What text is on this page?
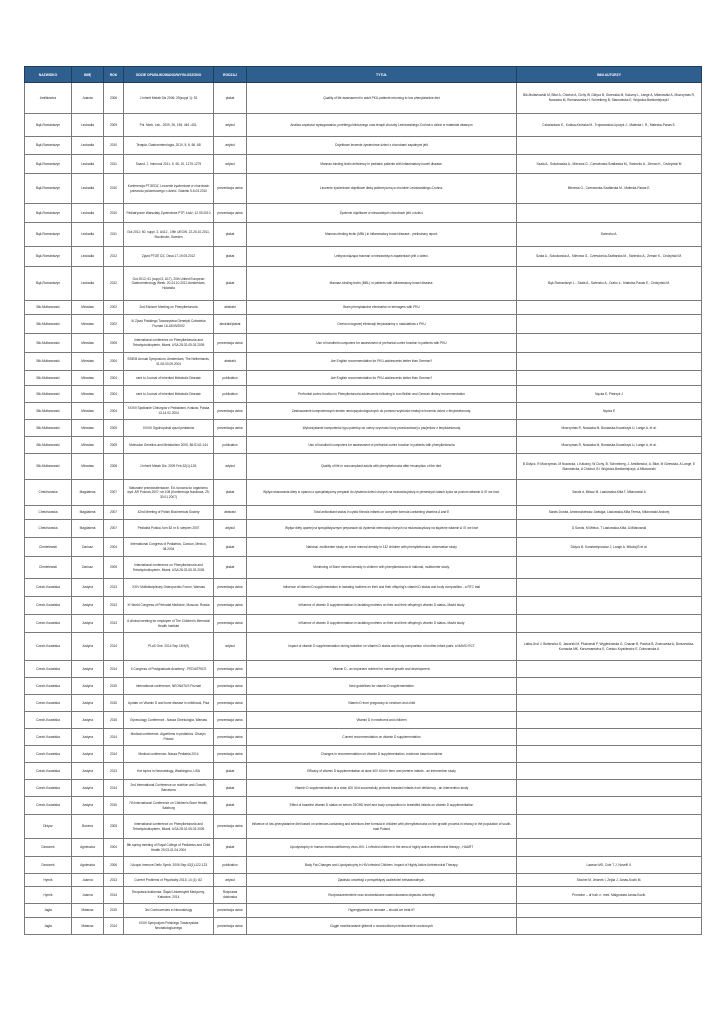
NAZWISKO	IMIĘ	ROK	GDZIE OPUBLIKOWANO/WYGŁOSZONO	RODZAJ	TYTUŁ	INNI AUTORZY
Amilkiewicz	Jolanta	2006	J Inherit Metab Dis 2006; 29(suppl 1): 92	plakat	Quality of life assessment in adult PKU-patients returning to low phenylalanine diet	Bik-Multanowski M, Bilar A, Chiobot A, Cichy W, Didycz B, Gizewska M, Kaluzny L, Lange A, Milanowski A, Mozrzymas R, Nowacka M, Romanowska H, Schreiberg B, Starostecka E, Wojcicka-Bartlomiejczyk I
Bąk-Romaniszyn	Leokadia	2009	Pol. Merk. Lek., 2009, 26, 155, 446 -451.	artykuł	Analiza częstości występowania, przebiegu klinicznego oraz terapii choroby Leśniowskiego-Crohna u dzieci w materiale własnym	Czkwianianc E., Kolasa-Kicińska M., Trojanowska-Lipczyk J., Małecka I. R., Małecka-Panas E.
Bąk-Romaniszyn	Leokadia	2010	Terapia, Gastroenterologia, 2010, 5, 6, 66 -68	artykuł	Dojelitowe leczenie żywieniowe dzieci z chorobami zapalnymi jelit	
Bąk-Romaniszyn	Leokadia	2011	Scand. J. Immunol 2011, 5, 46, 10, 1275-1279	artykuł	Mannan-binding lectin deficiency in pediatric patients with inflammatory bowel disease.	Szala A., Sokołowska A., Mierzwa G., Czerwionka-Szaflarska M., Swierzko A., Zeman K., Cedzyński M
Bąk-Romaniszyn	Leokadia	2010	Konferencja PTGEDŻ, Leczenie żywieniowe w chorobach przewodu pokarmowego u dzieci. Gdańsk 5-6.03.2010	prezentacja ustna	Leczenie żywieniowe dojelitowe dietą polimeryczną w chorobie Leśniowskiego-Crohna.	Mierzwa G., Czerwionka-Szaflarska M., Małecka-Panas E.
Bąk-Romaniszyn	Leokadia	2010	Pediatryczne Warsztaty Żywieniowe PTP, Łódź, 12.09.2010	prezentacja ustna	Żywienie dojelitowe w nieswoistych chorobach jelit u dzieci.	
Bąk-Romaniszyn	Leokadia	2011	Gut 2011; 60, suppl. 3, A412 , 19th UEGW, 22-26.10.2011, Stockholm, Sweden	plakat	Mannan-binding lectin (MBL) in inflammatory bowel disease - preliminary report.	Swierzko A.
Bąk-Romaniszyn	Leokadia	2012	Zjazd PTGE DZ, Ossa 17-19.05.2012	plakat	Lektyna wiążąca mannan w nieswoistych zapaleniach jelit u dzieci.	Szala A., Sokołowska A., Mierzwa G., Czerwionka-Szaflarska M., Swierzko A., Zeman K., Cedzyński M.
Bąk-Romaniszyn	Leokadia	2012	Gut 2012; 61 (suppl.3, A17), 20th United European Gastroenterology Week, 20-24.10.2012 Amsterdam, Holandia	plakat	Mannan-binding lectin (MBL) in patients with inflammatory bowel disease.	Bąk-Romaniszyn L., Szala A., Swierzko A., Durko Ł., Małecka-Panas E., Cedzyński M.
Bik-Multanowski	Mirosław	2002	2nd Elsinore Meeting on Phenylketonuria	abstrakt	Brain phenylalanine elimination in teenagers with PKU	
Bik-Multanowski	Mirosław	2002	III Zjazd Polskiego Towarzystwa Genetyki Człowieka Poznań 16-18/09/2002	abstrakt/plakat	Ocena mózgowej eliminacji fenyloalaniny u nastolatków z PKU	
Bik-Multanowski	Mirosław	2005	International conference on Phenylketonuria and Tetrahydrobiopterin, Miami, USA 28.02-05.03.2005	prezentacja ustna	Use of handheld computers for assessment of prefrontal cortex function in patients with PKU	
Bik-Multanowski	Mirosław	2004	SSIEM Annual Symposium, Amsterdam, The Netherlands, 31.08-03.09.2004	abstrakt	Are English recommendation for PKU-adolescents better than German?	
Bik-Multanowski	Mirosław	2004	sent to Journal of Inherited Metabolic Disease	publication	Are English recommendation for PKU-adolescents better than German?	
Bik-Multanowski	Mirosław	2004	sent to Journal of Inherited Metabolic Disease	publication	Prefrontal cortex function in Phenylketonuria adolescents following in turn British and German dietary recommendation	Nęcka E, Pietrzyk J
Bik-Multanowski	Mirosław	2004	XXVIII Spotkanie Chirurgów z Pediatrami, Kraków, Polska 13-14.02.2004	prezentacja ustna	Zastosowanie komputerowych testów neuropsychologicznych do pomiaru szybkości reakcji w leczeniu dzieci z fenyloketonurią.	Nęcka E
Bik-Multanowski	Mirosław	2005	XXVIII Ogólnopolski zjazd pediatrów	prezentacja ustna	Wykorzystanie komputerów typu palmtop do oceny czynności kory przedczołowej u pacjentów z fenyloketonurią	Mozrzymas R, Nowacka M, Borawska-Kowalczyk U, Lange A, et al.
Bik-Multanowski	Mirosław	2005	Molecular Genetics and Metabolism 2005, 86:S142-144	publication	Use of handheld computers for assessment of prefrontal cortex function in patients with phenylketonuria	Mozrzymas R, Nowacka M, Borawska-Kowalczyk U, Lange A, et al.
Bik-Multanowski	Mirosław	2008	J Inherit Metab Dis. 2009 Feb;32(1):126.	artykuł	Quality of life in noncompliant adults with phenylketonuria after resumption of the diet.	B Didycz, R Mozrzymas, M Nowacka, L Kałużny, W Cichy, B. Schneiberg, J. Amilkiewicz, A. Bilar, M Gizewska, A Lange, E Starostecka, A Chiobot, B I Wójcicka-Bartłomiejczyk, A Milanowski
Chełchowska	Magdalena	2007	Naturalne przeciwutleniacze. Ed. turowca do organizmu wyd. AR Poznań,2007; str 108 (Konferencja Naukowa, 29-30.01.2007)	plakat	Wpływ stosowania diety w oparciu o specjalistyczny preparat do żywienia dzieci chorych na mukowiscydozę w pierwszych latach życia na poziom witamin A i E we krwi.	Sands d, Milacz M, Laskowska-Klita T, Milanowski A
Chełchowska	Magdalena	2007	42nd Meeting of Polish Biochemical Society	abstrakt	Total antioxidant status in cystic fibrosis infants on complete formula containing vitamins A and E	Sands Dorota, Ambroszkiewicz Jadwiga, Laskowska-Klita Teresa, Milanowski Andrzej
Chełchowska	Magdalena	2007	Pediatria Polska, tom 82 nr 8, sierpień 2007	artykuł	Wpływ diety opartej na specjalistycznym preparacie do żywienia niemowląt chorych na mukowiscydozę na stężenie witamin A i E we krwi	D Sands, M Mielus, T Laskowska-Klita, A Milanowski
Chmielewski	Dariusz	2004	International Congress of Pediatrics, Cancun, Mexico, 08.2004	plakat	National, multicenter study on bone mineral density in 132 children with phenylketonuria: observation study	Didycz B, Konstantynowicz J, Lange A, Mikolaj B et al.
Chmielewski	Dariusz	2005	International conference on Phenylketonuria and Tetrahydrobiopterin, Miami, USA 28.02-05.03.2005	plakat	Monitoring of Bone mineral density in children with phenylketonuria in national, multicenter study.	
Czech-Kowalska	Justyna	2013	XXIV Multidisciplinary Osteoporotic Forum, Warsaw	prezentacja ustna	Influence of vitamin D supplementation in lactating mothers on their and their offspring's vitamin D status and body composition - a RTC trial	
Czech-Kowalska	Justyna	2013	XI World Congress of Perinatal Medicine, Moscow, Russia	prezentacja ustna	Influence of vitamin D supplementation in lactating mothers on their and their offspring's vitamin D status- Mavid study	
Czech-Kowalska	Justyna	2013	A clinical meeting for employee of The Children's Memorial Health Institute	prezentacja ustna	Influence of vitamin D supplementation in lactating mothers on their and their offspring's vitamin D status- Mavid study	
Czech-Kowalska	Justyna	2014	PLoS One. 2014 Sep 18;9(9)	artykuł	Impact of vitamin D supplementation during lactation on vitamin D status and body composition of mother-infant pairs: a MAVID RCT	Latka-Grot J, Bulsiewicz D, Jaworski M, Pludowski P, Wygledowska G, Chazan B, Pawlus B, Zochowska A, Borszewska-Kornacka MK, Karczmarewicz E, Czekuc-Kryskiewicz E, Dobrzanska A
Czech-Kowalska	Justyna	2014	II Congress of Postgraduate Academy - PEDIATRICS	prezentacja ustna	Vitamin D - an important nutrient for normal growth and development.	
Czech-Kowalska	Justyna	2015	International conference- NEONATUS Poznań	prezentacja ustna	New guidelines for vitamin D supplementation	
Czech-Kowalska	Justyna	2015	Update on Vitamin D and bone disease in childhood, Pisa	prezentacja ustna	Vitamin D from pregnancy to newborn and child	
Czech-Kowalska	Justyna	2015	Gynecology Conference - Nasza Ginekologia, Warsaw	prezentacja ustna	Vitamin D in newborns and children	
Czech-Kowalska	Justyna	2014	Medical conference- Algorithms in pediatrics. Olsztyn, Poland	prezentacja ustna	Current recommendation on vitamin D supplementation	
Czech-Kowalska	Justyna	2014	Medical conference- Nasza Pediatria 2014	prezentacja ustna	Changes in recommendation on vitamin D supplementation- evidence based medicine	
Czech-Kowalska	Justyna	2013	Hot topics in Neonatology, Washington, USA	plakat	Efficacy of vitamin D supplementation at dose 400 IU/d in term and preterm infants - an intervention study	
Czech-Kowalska	Justyna	2014	2nd International Conference on nutrition and Growth, Barcelona	plakat	Vitamin D supplementation at a dose 400 IU/d successfully protects breasted infants from deficiency - an intervention study	
Czech-Kowalska	Justyna	2015	7th International Conference on Children's Bone Health, Salzburg	plakat	Effect of baseline vitamin D status on serum 25OHD level and body composition in breastfed infants on vitamin D supplementation	
Didycz	Bożena	2005	International conference on Phenylketonuria and Tetrahydrobiopterin, Miami, USA 28.02-05.03.2005	prezentacja ustna	Influence of low-phenylalanine diet based on selenium-containing and selenium-free formula in children with phenylketonuria on the growth process in infancy in the population of south-east Poland	
Dzwonek	Agnieszka	2004	8th spring meeting of Royal College of Pediatrics and Child Health 29.03-01.04.2004	plakat	Lipodystrophy in human immunodeficiency virus-HIV- 1 infected children in the area of highly active antiretroviral therapy - HAART	
Dzwonek	Agnieszka	2006	J Acquir Immune Defic Syndr. 2006 Sep;43(1):122-123	publication	Body Fat Changes and Lipodystrophy in HIV-infected Children: Impact of Highly Active Antiretroviral Therapy.	Lawson MS, Cole T J, Novelli V.
Hyrnik	Joanna	2013	Current Problems of Psychiatry 2013; 14 (1): 82.	artykuł	Zjawisko ortoreksji z perspektywy uzależnień behawioralnych.	Stochel M, Jelonek I, Zejda J, Janas-Kozik M.
Hyrnik	Joanna	2014	Rozprawa doktorska. Śląski Uniwersytet Medyczny, Katowice, 2014	Rozprawa doktorska	Rozpowszechnienie oraz środowiskowe uwarunkowania objawów ortoreksji	Promotor – dr hab. n. med. Małgorzata Janas-Kozik.
Jagła	Mateusz	2015	3rd Controversies in Neonatology	prezentacja ustna	Hyperglycemia in neonate – should we treat it?	
Jagła	Mateusz	2014	XXXII Sympozjum Polskiego Towarzystwa Neonatologicznego	prezentacja ustna	Ciągłe monitorowanie glikemii u noworodków przedwcześnie urodzonych	
